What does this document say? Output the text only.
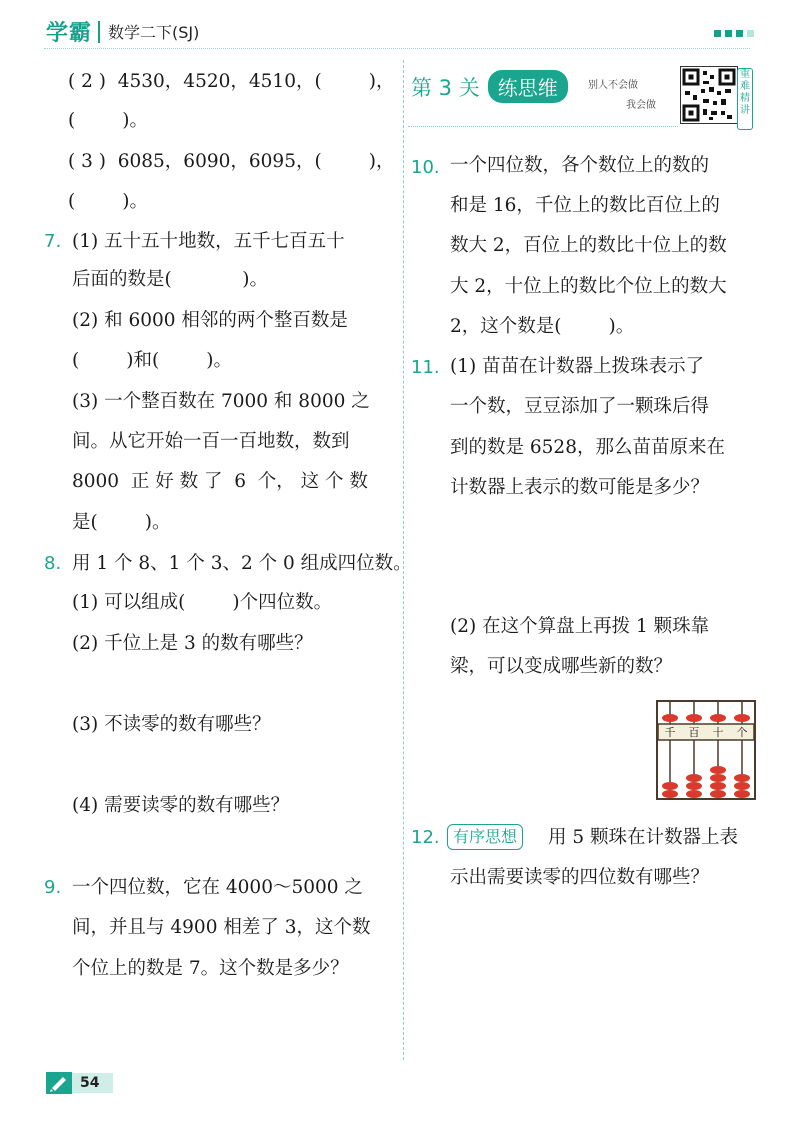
学霸 数学二下(SJ)
( 2 )  4530，4520，4510，(        )，
(        )。
( 3 )  6085，6090，6095，(        )，
(        )。
7. (1) 五十五十地数，五千七百五十
后面的数是(            )。
(2) 和 6000 相邻的两个整百数是
(        )和(        )。
(3) 一个整百数在 7000 和 8000 之
间。从它开始一百一百地数，数到
8000  正 好 数 了  6  个， 这 个 数
是(        )。
8. 用 1 个 8、1 个 3、2 个 0 组成四位数。
(1) 可以组成(        )个四位数。
(2) 千位上是 3 的数有哪些？
(3) 不读零的数有哪些？
(4) 需要读零的数有哪些？
9. 一个四位数，它在 4000～5000 之
间，并且与 4900 相差了 3，这个数
个位上的数是 7。这个数是多少？
第 3 关 练思维	别人不会做
我会做
重难精讲
10. 一个四位数，各个数位上的数的
和是 16，千位上的数比百位上的
数大 2，百位上的数比十位上的数
大 2，十位上的数比个位上的数大
2，这个数是(        )。
11. (1) 苗苗在计数器上拨珠表示了
一个数，豆豆添加了一颗珠后得
到的数是 6528，那么苗苗原来在
计数器上表示的数可能是多少？
(2) 在这个算盘上再拨 1 颗珠靠
梁，可以变成哪些新的数？
千 百 十 个
12. 有序思想	用 5 颗珠在计数器上表
示出需要读零的四位数有哪些？
54
